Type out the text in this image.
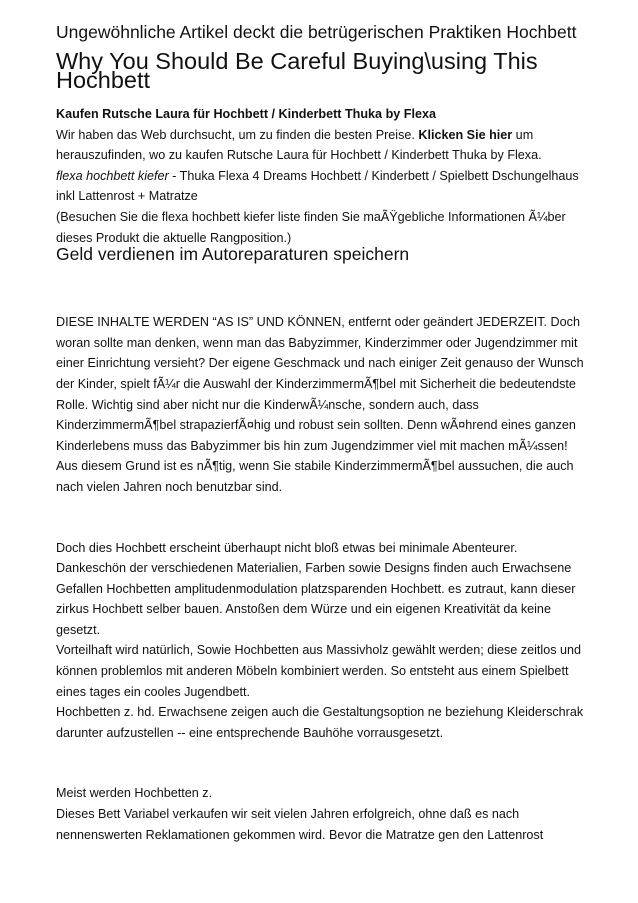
Ungewöhnliche Artikel deckt die betrügerischen Praktiken Hochbett
Why You Should Be Careful Buying\using This Hochbett
Kaufen Rutsche Laura für Hochbett / Kinderbett Thuka by Flexa
Wir haben das Web durchsucht, um zu finden die besten Preise. Klicken Sie hier um herauszufinden, wo zu kaufen Rutsche Laura für Hochbett / Kinderbett Thuka by Flexa.
flexa hochbett kiefer - Thuka Flexa 4 Dreams Hochbett / Kinderbett / Spielbett Dschungelhaus inkl Lattenrost + Matratze
(Besuchen Sie die flexa hochbett kiefer liste finden Sie maÃŸgebliche Informationen Ã¼ber dieses Produkt die aktuelle Rangposition.)
Geld verdienen im Autoreparaturen speichern

DIESE INHALTE WERDEN “AS IS” UND KÖNNEN, entfernt oder geändert JEDERZEIT. Doch woran sollte man denken, wenn man das Babyzimmer, Kinderzimmer oder Jugendzimmer mit einer Einrichtung versieht? Der eigene Geschmack und nach einiger Zeit genauso der Wunsch der Kinder, spielt fÃ¼r die Auswahl der KinderzimmermÃ¶bel mit Sicherheit die bedeutendste Rolle. Wichtig sind aber nicht nur die KinderwÃ¼nsche, sondern auch, dass KinderzimmermÃ¶bel strapazierfÃ¤hig und robust sein sollten. Denn wÃ¤hrend eines ganzen Kinderlebens muss das Babyzimmer bis hin zum Jugendzimmer viel mit machen mÃ¼ssen! Aus diesem Grund ist es nÃ¶tig, wenn Sie stabile KinderzimmermÃ¶bel aussuchen, die auch nach vielen Jahren noch benutzbar sind.

Doch dies Hochbett erscheint überhaupt nicht bloß etwas bei minimale Abenteurer. Dankeschön der verschiedenen Materialien, Farben sowie Designs finden auch Erwachsene Gefallen Hochbetten amplitudenmodulation platzsparenden Hochbett. es zutraut, kann dieser zirkus Hochbett selber bauen. Anstoßen dem Würze und ein eigenen Kreativität da keine gesetzt.
Vorteilhaft wird natürlich, Sowie Hochbetten aus Massivholz gewählt werden; diese zeitlos und können problemlos mit anderen Möbeln kombiniert werden. So entsteht aus einem Spielbett eines tages ein cooles Jugendbett.
Hochbetten z. hd. Erwachsene zeigen auch die Gestaltungsoption ne beziehung Kleiderschrak darunter aufzustellen -- eine entsprechende Bauhöhe vorrausgesetzt.
Meist werden Hochbetten z.
Dieses Bett Variabel verkaufen wir seit vielen Jahren erfolgreich, ohne daß es nach nennenswerten Reklamationen gekommen wird. Bevor die Matratze gen den Lattenrost
